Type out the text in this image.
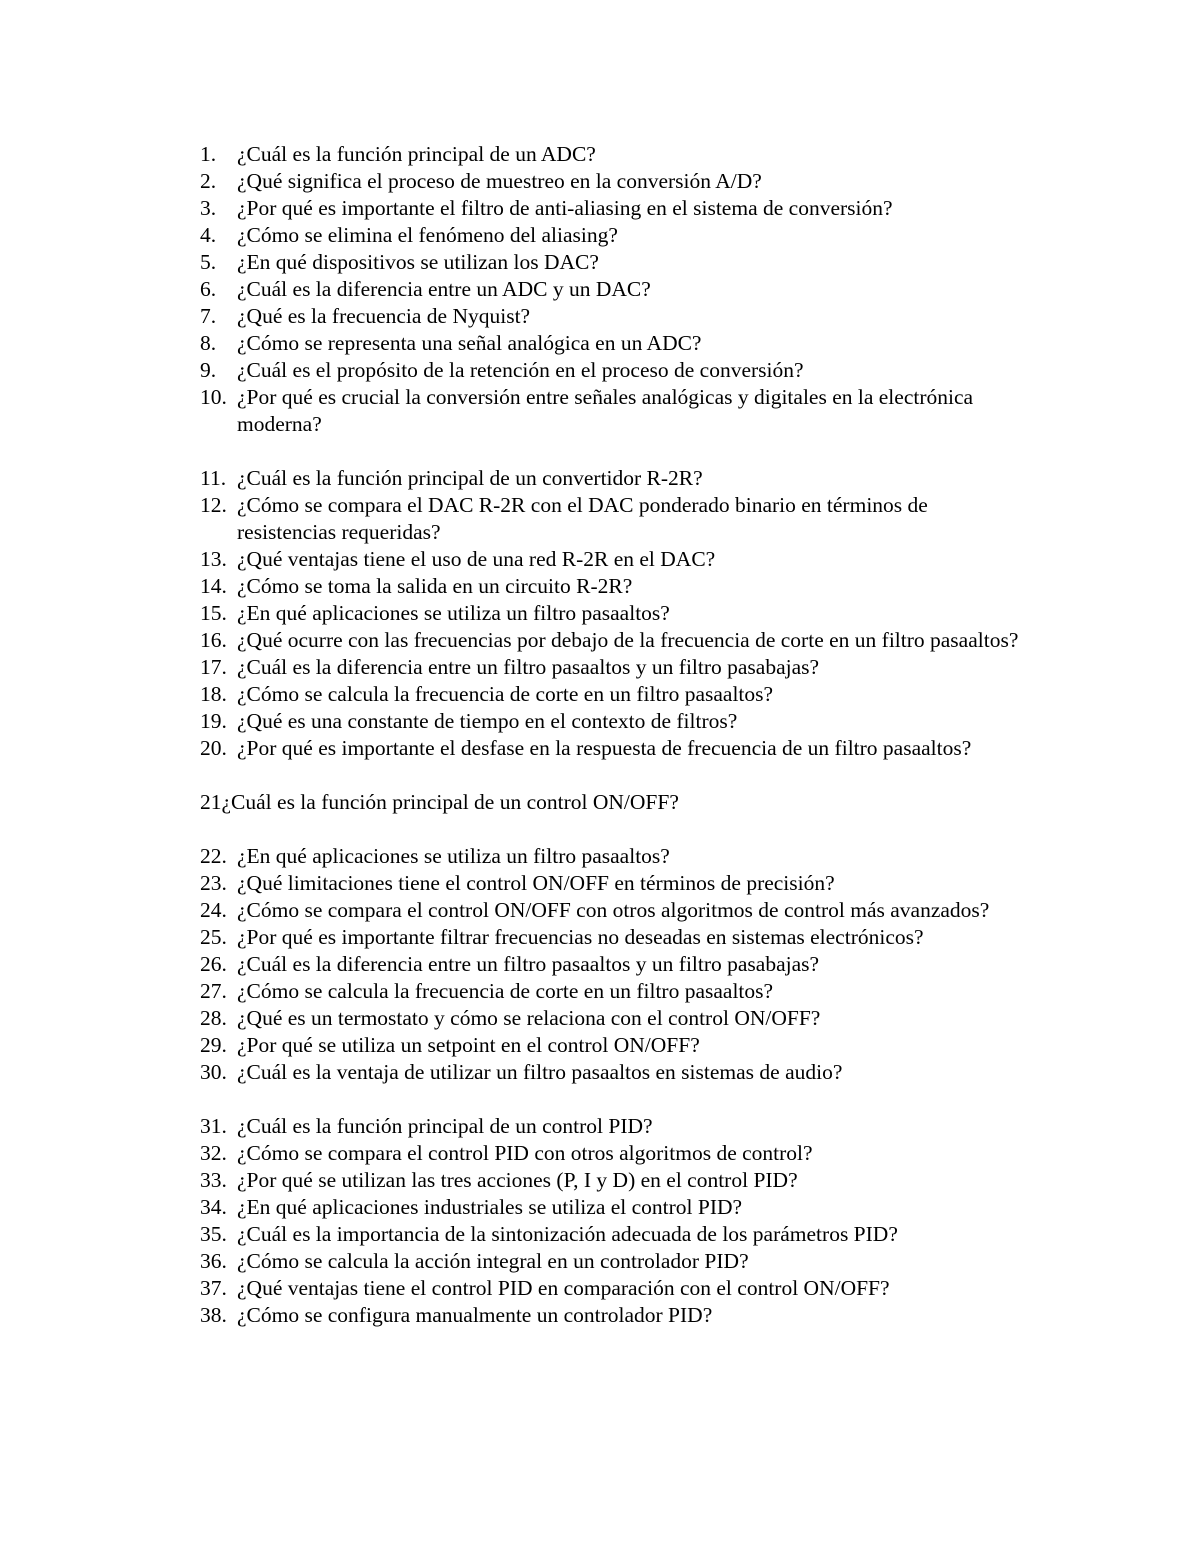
1. ¿Cuál es la función principal de un ADC?
2. ¿Qué significa el proceso de muestreo en la conversión A/D?
3. ¿Por qué es importante el filtro de anti-aliasing en el sistema de conversión?
4. ¿Cómo se elimina el fenómeno del aliasing?
5. ¿En qué dispositivos se utilizan los DAC?
6. ¿Cuál es la diferencia entre un ADC y un DAC?
7. ¿Qué es la frecuencia de Nyquist?
8. ¿Cómo se representa una señal analógica en un ADC?
9. ¿Cuál es el propósito de la retención en el proceso de conversión?
10. ¿Por qué es crucial la conversión entre señales analógicas y digitales en la electrónica moderna?
11. ¿Cuál es la función principal de un convertidor R-2R?
12. ¿Cómo se compara el DAC R-2R con el DAC ponderado binario en términos de resistencias requeridas?
13. ¿Qué ventajas tiene el uso de una red R-2R en el DAC?
14. ¿Cómo se toma la salida en un circuito R-2R?
15. ¿En qué aplicaciones se utiliza un filtro pasaaltos?
16. ¿Qué ocurre con las frecuencias por debajo de la frecuencia de corte en un filtro pasaaltos?
17. ¿Cuál es la diferencia entre un filtro pasaaltos y un filtro pasabajas?
18. ¿Cómo se calcula la frecuencia de corte en un filtro pasaaltos?
19. ¿Qué es una constante de tiempo en el contexto de filtros?
20. ¿Por qué es importante el desfase en la respuesta de frecuencia de un filtro pasaaltos?
21¿Cuál es la función principal de un control ON/OFF?
22. ¿En qué aplicaciones se utiliza un filtro pasaaltos?
23. ¿Qué limitaciones tiene el control ON/OFF en términos de precisión?
24. ¿Cómo se compara el control ON/OFF con otros algoritmos de control más avanzados?
25. ¿Por qué es importante filtrar frecuencias no deseadas en sistemas electrónicos?
26. ¿Cuál es la diferencia entre un filtro pasaaltos y un filtro pasabajas?
27. ¿Cómo se calcula la frecuencia de corte en un filtro pasaaltos?
28. ¿Qué es un termostato y cómo se relaciona con el control ON/OFF?
29. ¿Por qué se utiliza un setpoint en el control ON/OFF?
30. ¿Cuál es la ventaja de utilizar un filtro pasaaltos en sistemas de audio?
31. ¿Cuál es la función principal de un control PID?
32. ¿Cómo se compara el control PID con otros algoritmos de control?
33. ¿Por qué se utilizan las tres acciones (P, I y D) en el control PID?
34. ¿En qué aplicaciones industriales se utiliza el control PID?
35. ¿Cuál es la importancia de la sintonización adecuada de los parámetros PID?
36. ¿Cómo se calcula la acción integral en un controlador PID?
37. ¿Qué ventajas tiene el control PID en comparación con el control ON/OFF?
38. ¿Cómo se configura manualmente un controlador PID?
